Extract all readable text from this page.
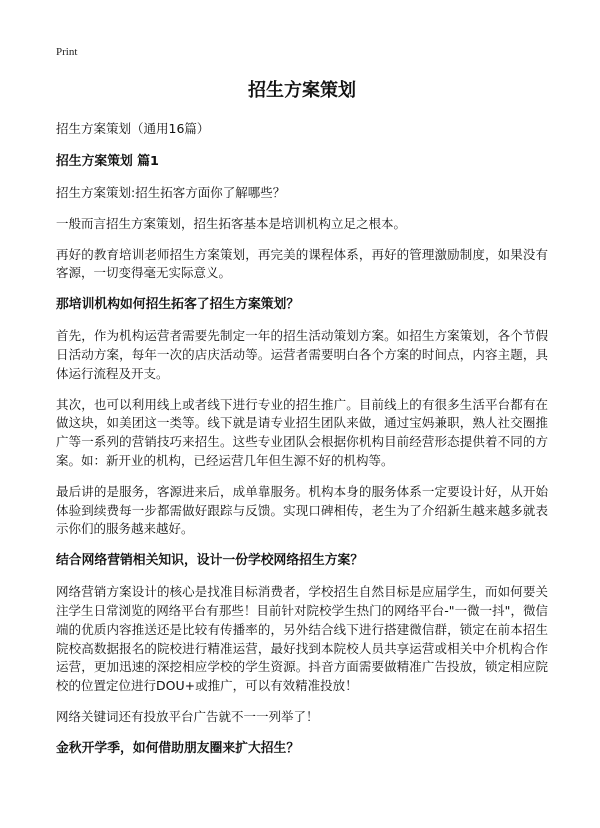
Print
招生方案策划

招生方案策划（通用16篇）

招生方案策划 篇1

招生方案策划:招生拓客方面你了解哪些？

一般而言招生方案策划，招生拓客基本是培训机构立足之根本。

再好的教育培训老师招生方案策划，再完美的课程体系，再好的管理激励制度，如果没有客源，一切变得毫无实际意义。

那培训机构如何招生拓客了招生方案策划？

首先，作为机构运营者需要先制定一年的招生活动策划方案。如招生方案策划，各个节假日活动方案，每年一次的店庆活动等。运营者需要明白各个方案的时间点，内容主题，具体运行流程及开支。

其次，也可以利用线上或者线下进行专业的招生推广。目前线上的有很多生活平台都有在做这块，如美团这一类等。线下就是请专业招生团队来做，通过宝妈兼职，熟人社交圈推广等一系列的营销技巧来招生。这些专业团队会根据你机构目前经营形态提供着不同的方案。如：新开业的机构，已经运营几年但生源不好的机构等。

最后讲的是服务，客源进来后，成单靠服务。机构本身的服务体系一定要设计好，从开始体验到续费每一步都需做好跟踪与反馈。实现口碑相传，老生为了介绍新生越来越多就表示你们的服务越来越好。

结合网络营销相关知识，设计一份学校网络招生方案？

网络营销方案设计的核心是找准目标消费者，学校招生自然目标是应届学生，而如何要关注学生日常浏览的网络平台有那些！目前针对院校学生热门的网络平台-"一微一抖"，微信端的优质内容推送还是比较有传播率的，另外结合线下进行搭建微信群，锁定在前本招生院校高数据报名的院校进行精准运营，最好找到本院校人员共享运营或相关中介机构合作运营，更加迅速的深挖相应学校的学生资源。抖音方面需要做精准广告投放，锁定相应院校的位置定位进行DOU+或推广，可以有效精准投放！

网络关键词还有投放平台广告就不一一列举了！

金秋开学季，如何借助朋友圈来扩大招生？
